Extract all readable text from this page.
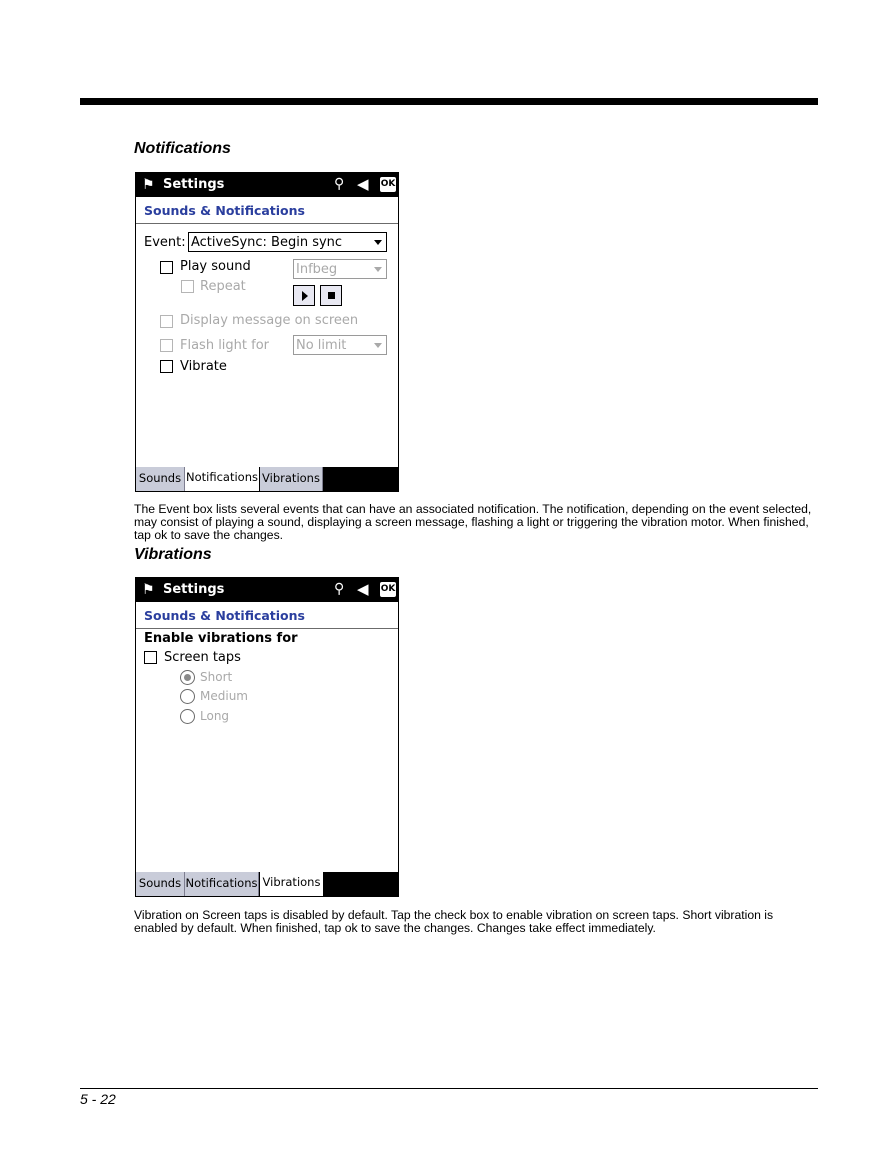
Notifications
⚑ Settings	⚲ ◀ OK
Sounds & Notifications
Event: ActiveSync: Begin sync
Play sound	Infbeg
Repeat
Display message on screen
Flash light for No limit
Vibrate
Sounds Notifications Vibrations

The Event box lists several events that can have an associated notification. The notification, depending on the event selected, may consist of playing a sound, displaying a screen message, flashing a light or triggering the vibration motor. When finished, tap ok to save the changes.

Vibrations
⚑ Settings	⚲ ◀ OK
Sounds & Notifications
Enable vibrations for
Screen taps
Short
Medium
Long
Sounds Notifications Vibrations

Vibration on Screen taps is disabled by default. Tap the check box to enable vibration on screen taps. Short vibration is enabled by default. When finished, tap ok to save the changes. Changes take effect immediately.

5 - 22
